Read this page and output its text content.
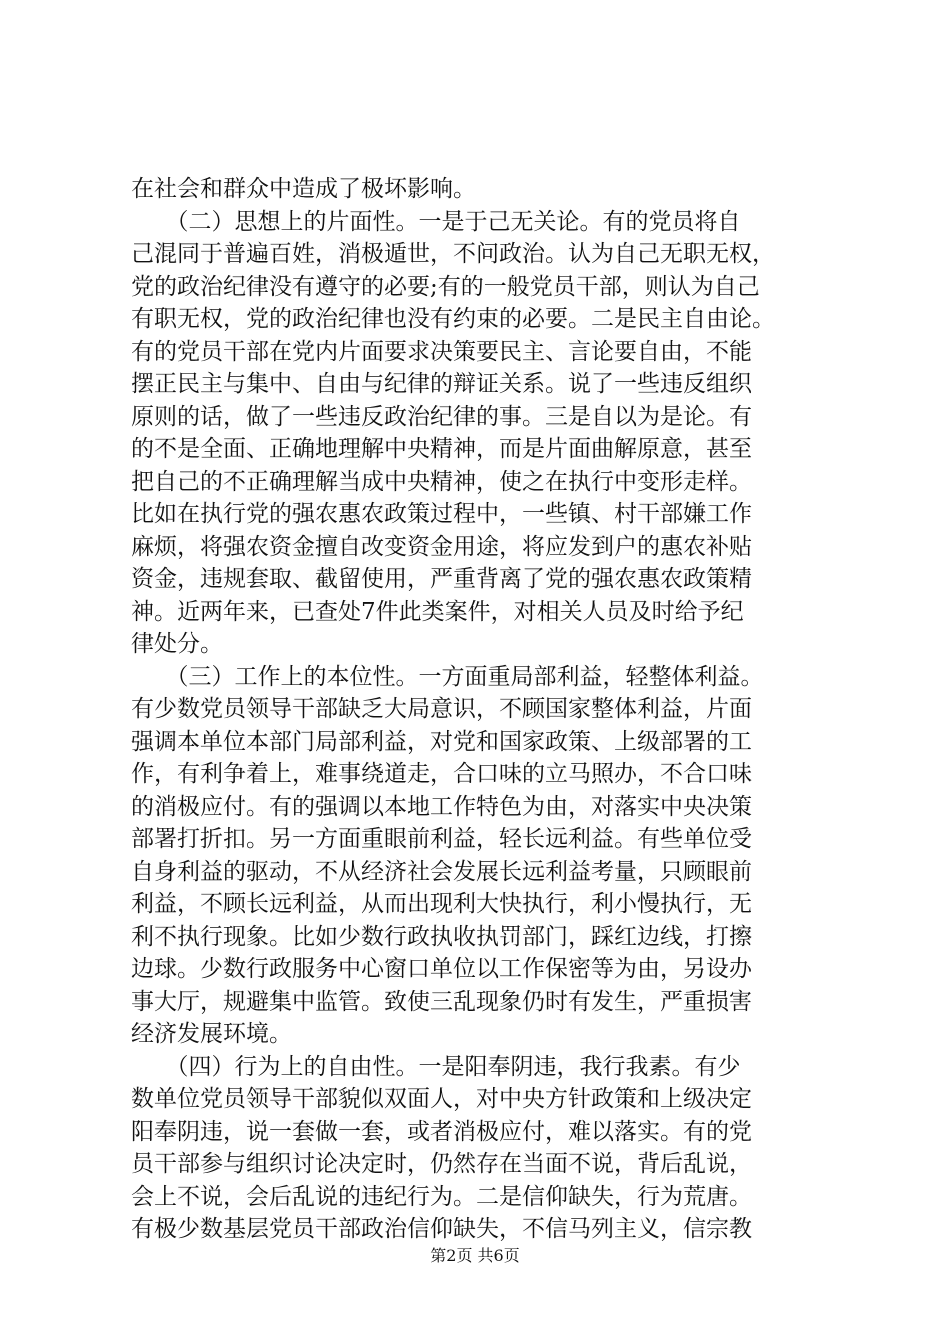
在社会和群众中造成了极坏影响。
　　（二）思想上的片面性。一是于己无关论。有的党员将自
己混同于普遍百姓，消极遁世，不问政治。认为自己无职无权，
党的政治纪律没有遵守的必要;有的一般党员干部，则认为自己
有职无权，党的政治纪律也没有约束的必要。二是民主自由论。
有的党员干部在党内片面要求决策要民主、言论要自由，不能
摆正民主与集中、自由与纪律的辩证关系。说了一些违反组织
原则的话，做了一些违反政治纪律的事。三是自以为是论。有
的不是全面、正确地理解中央精神，而是片面曲解原意，甚至
把自己的不正确理解当成中央精神，使之在执行中变形走样。
比如在执行党的强农惠农政策过程中，一些镇、村干部嫌工作
麻烦，将强农资金擅自改变资金用途，将应发到户的惠农补贴
资金，违规套取、截留使用，严重背离了党的强农惠农政策精
神。近两年来，已查处7件此类案件，对相关人员及时给予纪
律处分。
　　（三）工作上的本位性。一方面重局部利益，轻整体利益。
有少数党员领导干部缺乏大局意识，不顾国家整体利益，片面
强调本单位本部门局部利益，对党和国家政策、上级部署的工
作，有利争着上，难事绕道走，合口味的立马照办，不合口味
的消极应付。有的强调以本地工作特色为由，对落实中央决策
部署打折扣。另一方面重眼前利益，轻长远利益。有些单位受
自身利益的驱动，不从经济社会发展长远利益考量，只顾眼前
利益，不顾长远利益，从而出现利大快执行，利小慢执行，无
利不执行现象。比如少数行政执收执罚部门，踩红边线，打擦
边球。少数行政服务中心窗口单位以工作保密等为由，另设办
事大厅，规避集中监管。致使三乱现象仍时有发生，严重损害
经济发展环境。
　　（四）行为上的自由性。一是阳奉阴违，我行我素。有少
数单位党员领导干部貌似双面人，对中央方针政策和上级决定
阳奉阴违，说一套做一套，或者消极应付，难以落实。有的党
员干部参与组织讨论决定时，仍然存在当面不说，背后乱说，
会上不说，会后乱说的违纪行为。二是信仰缺失，行为荒唐。
有极少数基层党员干部政治信仰缺失，不信马列主义，信宗教
第2页 共6页
